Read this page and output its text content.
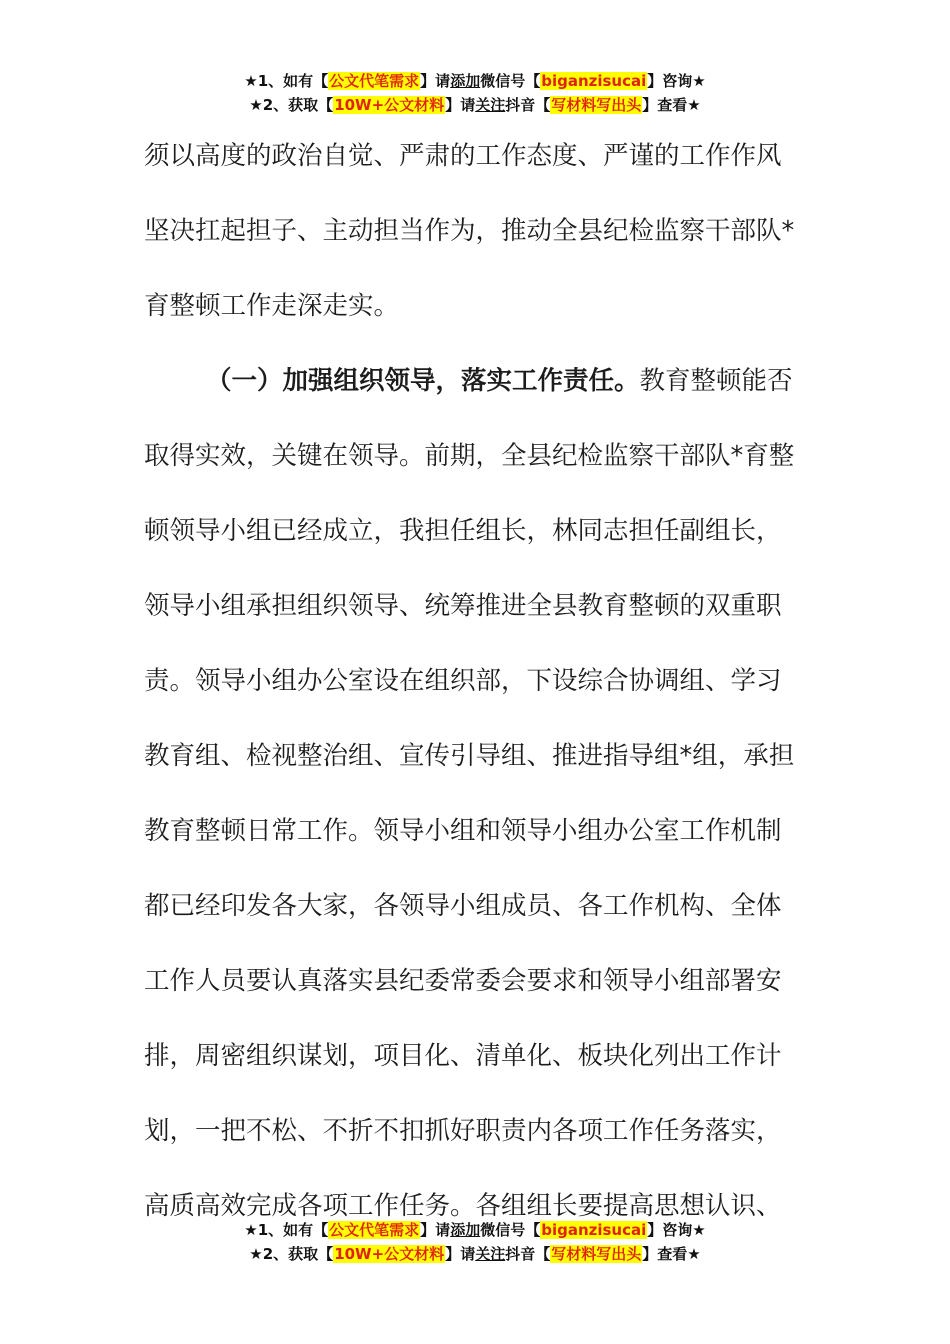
★1、如有【公文代笔需求】请添加微信号【biganzisucai】咨询★
★2、获取【10W+公文材料】请关注抖音【写材料写出头】查看★
须以高度的政治自觉、严肃的工作态度、严谨的工作作风
坚决扛起担子、主动担当作为，推动全县纪检监察干部队*
育整顿工作走深走实。
（一）加强组织领导，落实工作责任。教育整顿能否
取得实效，关键在领导。前期，全县纪检监察干部队*育整
顿领导小组已经成立，我担任组长，林同志担任副组长，
领导小组承担组织领导、统筹推进全县教育整顿的双重职
责。领导小组办公室设在组织部，下设综合协调组、学习
教育组、检视整治组、宣传引导组、推进指导组*组，承担
教育整顿日常工作。领导小组和领导小组办公室工作机制
都已经印发各大家，各领导小组成员、各工作机构、全体
工作人员要认真落实县纪委常委会要求和领导小组部署安
排，周密组织谋划，项目化、清单化、板块化列出工作计
划，一把不松、不折不扣抓好职责内各项工作任务落实，
高质高效完成各项工作任务。各组组长要提高思想认识、
★1、如有【公文代笔需求】请添加微信号【biganzisucai】咨询★
★2、获取【10W+公文材料】请关注抖音【写材料写出头】查看★
